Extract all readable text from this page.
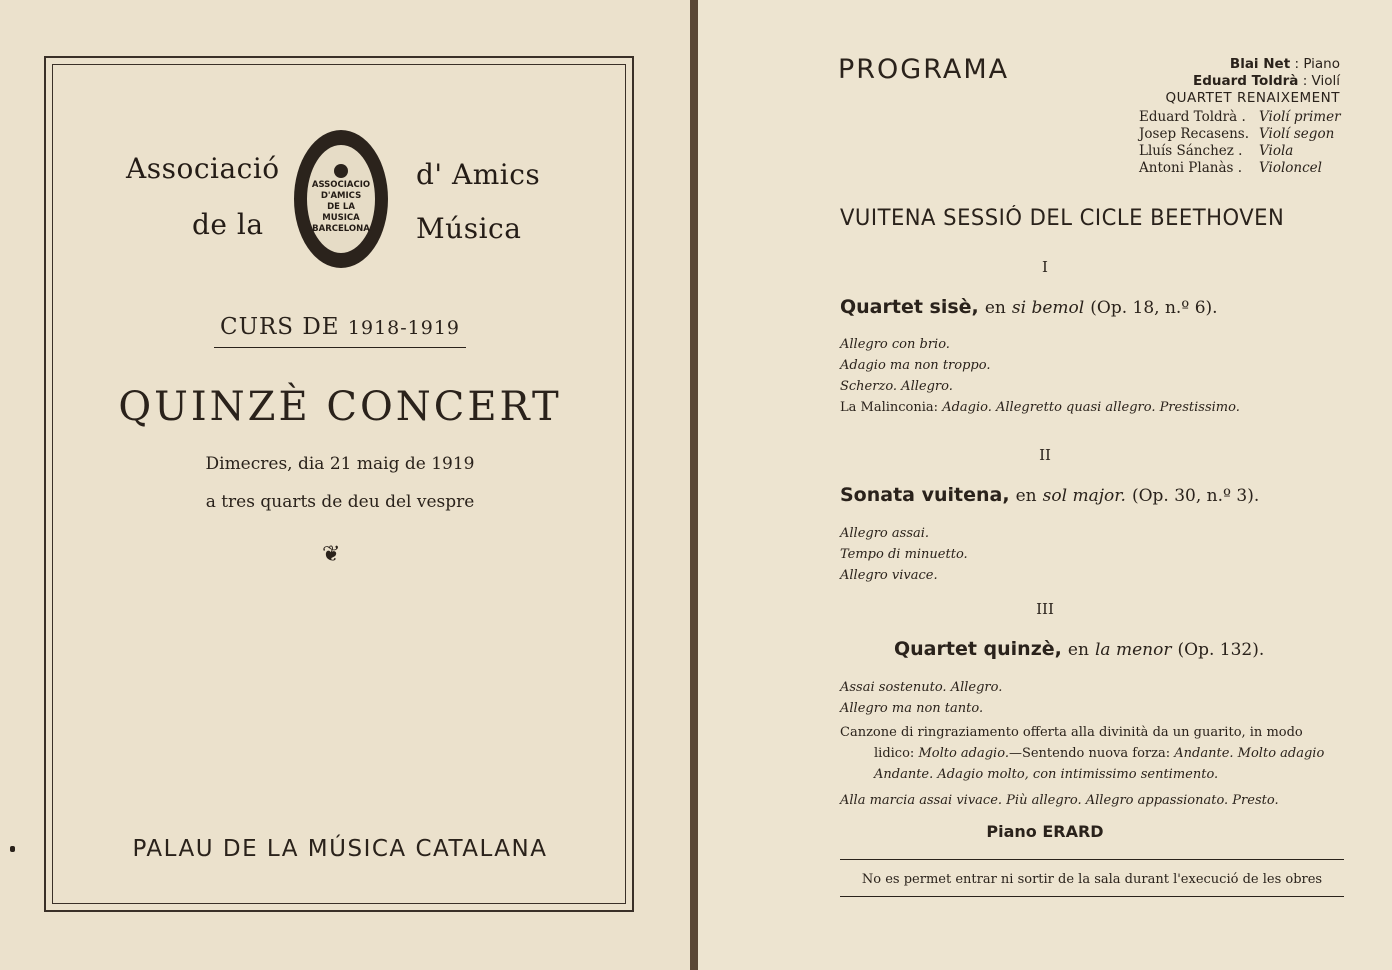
Associació
de la
d' Amics
Música
ASSOCIACIO
D'AMICS
DE LA
MUSICA
BARCELONA
CURS DE 1918-1919
QUINZÈ CONCERT
Dimecres, dia 21 maig de 1919
a tres quarts de deu del vespre
❦
PALAU DE LA MÚSICA CATALANA
PROGRAMA	Blai Net : Piano
Eduard Toldrà : Violí
QUARTET RENAIXEMENT
Eduard Toldrà . Violí primer
Josep Recasens. Violí segon
Lluís Sánchez .	Viola
Antoni Planàs .	Violoncel
VUITENA SESSIÓ DEL CICLE BEETHOVEN
I
Quartet sisè, en si bemol (Op. 18, n.º 6).
Allegro con brio.
Adagio ma non troppo.
Scherzo. Allegro.
La Malinconia: Adagio. Allegretto quasi allegro. Prestissimo.
II
Sonata vuitena, en sol major. (Op. 30, n.º 3).
Allegro assai.
Tempo di minuetto.
Allegro vivace.
III
Quartet quinzè, en la menor (Op. 132).
Assai sostenuto. Allegro.
Allegro ma non tanto.
Canzone di ringraziamento offerta alla divinità da un guarito, in modo
lidico: Molto adagio.—Sentendo nuova forza: Andante. Molto adagio
Andante. Adagio molto, con intimissimo sentimento.
Alla marcia assai vivace. Più allegro. Allegro appassionato. Presto.
Piano ERARD
No es permet entrar ni sortir de la sala durant l'execució de les obres
